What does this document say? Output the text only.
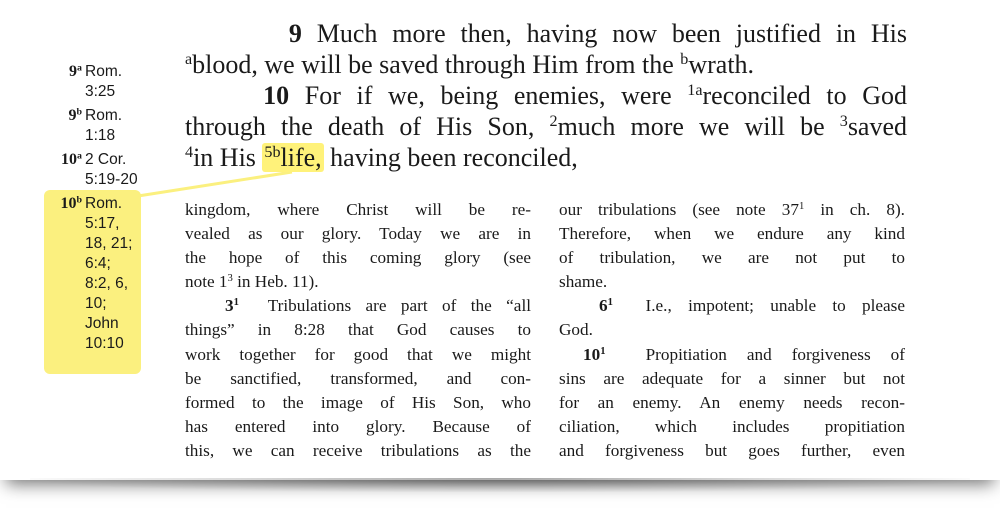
9$^a$ Rom.
3:25
9$^b$ Rom.
1:18
10$^a$ 2 Cor.
5:19-20
10$^b$ Rom.
5:17,
18, 21;
6:4;
8:2, 6,
10;
John
10:10
9 Much more then, having now been justified in His
$^a$blood, we will be saved through Him from the $^b$wrath.
10 For if we, being enemies, were $^{1a}$reconciled to God
through the death of His Son, $^2$much more we will be $^3$saved
$^4$in His $^{5b}$life, having been reconciled,
kingdom, where Christ will be re-
vealed as our glory. Today we are in
the hope of this coming glory (see
note $1^3$ in Heb. 11).
$3^1$ Tribulations are part of the “all
things” in 8:28 that God causes to
work together for good that we might
be sanctified, transformed, and con-
formed to the image of His Son, who
has entered into glory. Because of
this, we can receive tribulations as the
our tribulations (see note $37^1$ in ch. 8).
Therefore, when we endure any kind
of tribulation, we are not put to
shame.
$6^1$ I.e., impotent; unable to please
God.
$10^1$ Propitiation and forgiveness of
sins are adequate for a sinner but not
for an enemy. An enemy needs recon-
ciliation, which includes propitiation
and forgiveness but goes further, even
